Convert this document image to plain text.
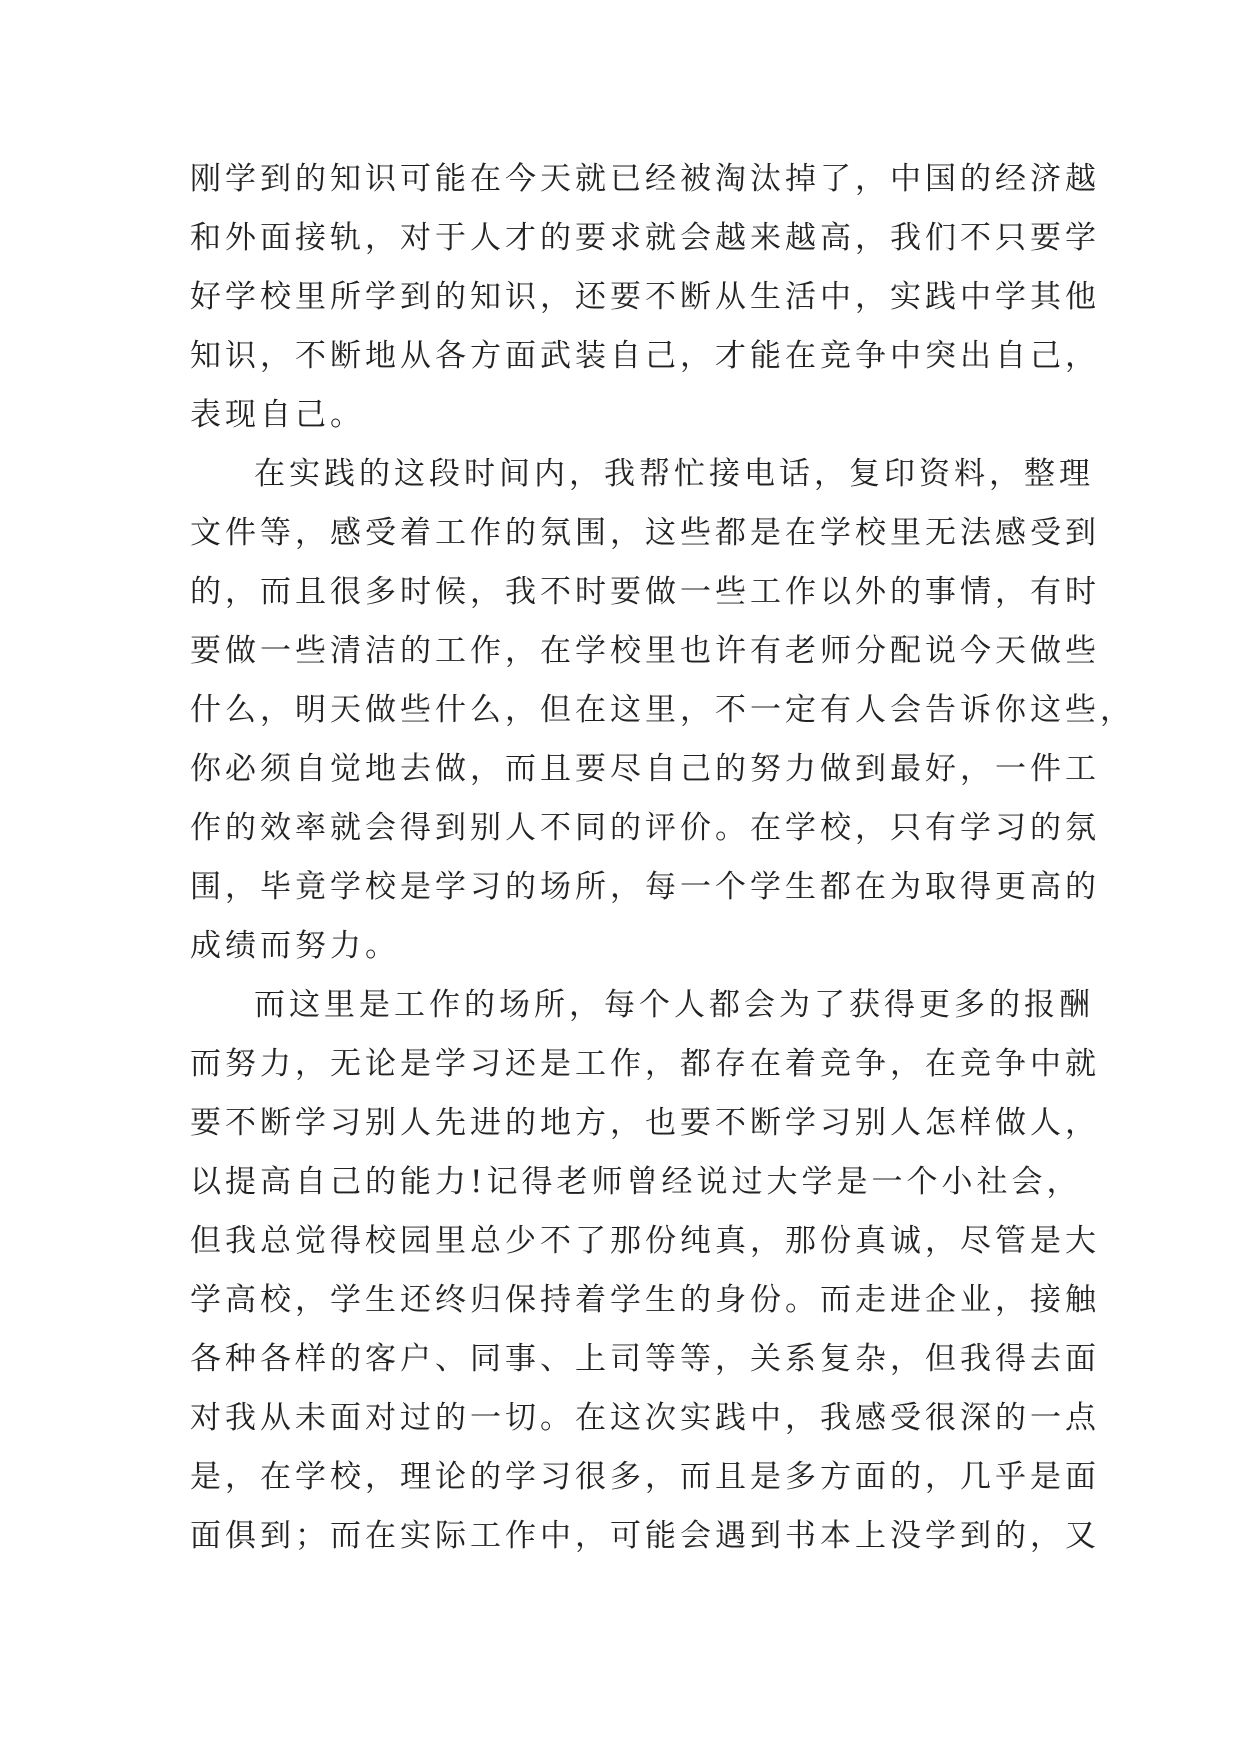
刚学到的知识可能在今天就已经被淘汰掉了，中国的经济越
和外面接轨，对于人才的要求就会越来越高，我们不只要学
好学校里所学到的知识，还要不断从生活中，实践中学其他
知识，不断地从各方面武装自己，才能在竞争中突出自己，
表现自己。
在实践的这段时间内，我帮忙接电话，复印资料，整理
文件等，感受着工作的氛围，这些都是在学校里无法感受到
的，而且很多时候，我不时要做一些工作以外的事情，有时
要做一些清洁的工作，在学校里也许有老师分配说今天做些
什么，明天做些什么，但在这里，不一定有人会告诉你这些，
你必须自觉地去做，而且要尽自己的努力做到最好，一件工
作的效率就会得到别人不同的评价。在学校，只有学习的氛
围，毕竟学校是学习的场所，每一个学生都在为取得更高的
成绩而努力。
而这里是工作的场所，每个人都会为了获得更多的报酬
而努力，无论是学习还是工作，都存在着竞争，在竞争中就
要不断学习别人先进的地方，也要不断学习别人怎样做人，
以提高自己的能力!记得老师曾经说过大学是一个小社会，
但我总觉得校园里总少不了那份纯真，那份真诚，尽管是大
学高校，学生还终归保持着学生的身份。而走进企业，接触
各种各样的客户、同事、上司等等，关系复杂，但我得去面
对我从未面对过的一切。在这次实践中，我感受很深的一点
是，在学校，理论的学习很多，而且是多方面的，几乎是面
面俱到；而在实际工作中，可能会遇到书本上没学到的，又
